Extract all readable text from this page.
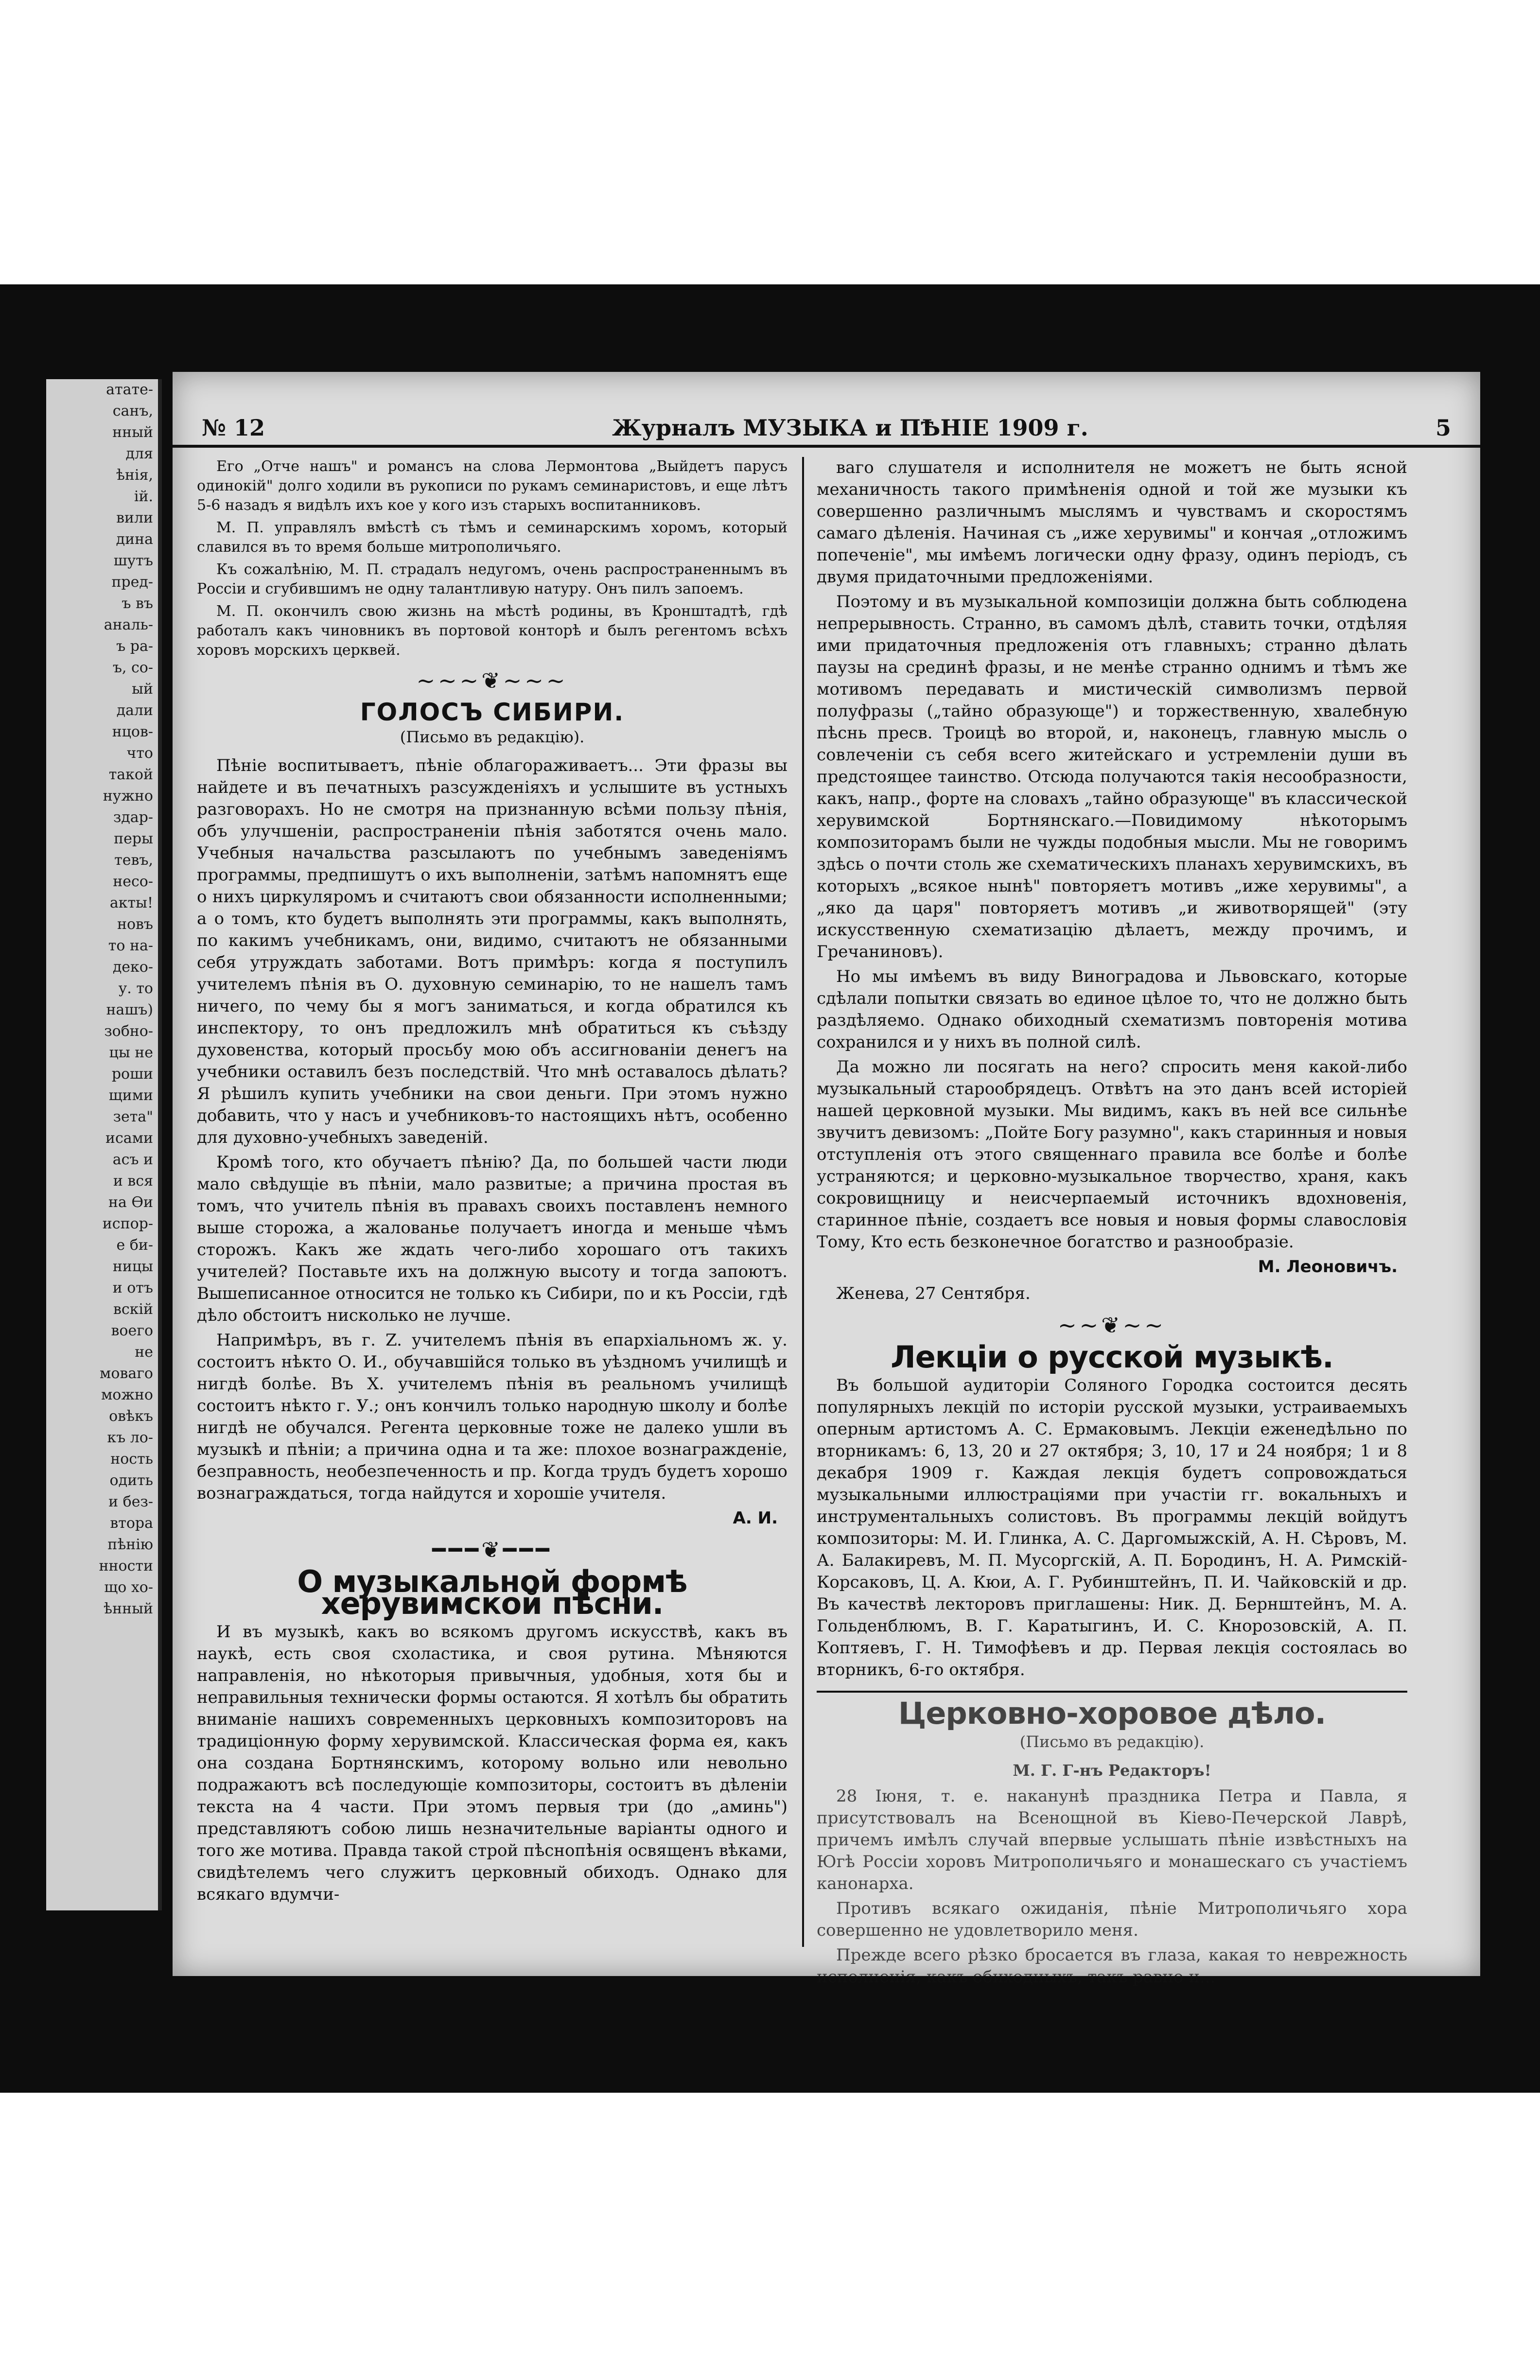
атате-
санъ,
нный
для
ѣнія,
ій.
вили
дина
шутъ
пред-
ъ въ
аналь-
ъ ра-
ъ, со-
ый
дали
нцов-
что
такой
нужно
здар-
перы
тевъ,
несо-
акты!
новъ
то на-
деко-
у. то
нашъ)
зобно-
цы не
роши
щими
зета"
исами
асъ и
и вся
на Ѳи
испор-
е би-
ницы
и отъ
вскій
воего
не
моваго
можно
овѣкъ
къ ло-
ность
одить
и без-
втора
пѣнію
нности
що хо-
ѣнный
№ 12	Журналъ МУЗЫКА и ПѢНІЕ 1909 г.	5

Его „Отче нашъ" и романсъ на слова Лермонтова „Выйдетъ парусъ одинокій" долго ходили въ рукописи по рукамъ семинаристовъ, и еще лѣтъ 5-6 назадъ я видѣлъ ихъ кое у кого изъ старыхъ воспитанниковъ.

М. П. управлялъ вмѣстѣ съ тѣмъ и семинарскимъ хоромъ, который славился въ то время больше митрополичьяго.

Къ сожалѣнію, М. П. страдалъ недугомъ, очень распространеннымъ въ Россіи и сгубившимъ не одну талантливую натуру. Онъ пилъ запоемъ.

М. П. окончилъ свою жизнь на мѣстѣ родины, въ Кронштадтѣ, гдѣ работалъ какъ чиновникъ въ портовой конторѣ и былъ регентомъ всѣхъ хоровъ морскихъ церквей.

~~~❦~~~
ГОЛОСЪ СИБИРИ.
(Письмо въ редакцію).

Пѣніе воспитываетъ, пѣніе облагораживаетъ... Эти фразы вы найдете и въ печатныхъ разсужденіяхъ и услышите въ устныхъ разговорахъ. Но не смотря на признанную всѣми пользу пѣнія, объ улучшеніи, распространеніи пѣнія заботятся очень мало. Учебныя начальства разсылаютъ по учебнымъ заведеніямъ программы, предпишутъ о ихъ выполненіи, затѣмъ напомнятъ еще о нихъ циркуляромъ и считаютъ свои обязанности исполненными; а о томъ, кто будетъ выполнять эти программы, какъ выполнять, по какимъ учебникамъ, они, видимо, считаютъ не обязанными себя утруждать заботами. Вотъ примѣръ: когда я поступилъ учителемъ пѣнія въ О. духовную семинарію, то не нашелъ тамъ ничего, по чему бы я могъ заниматься, и когда обратился къ инспектору, то онъ предложилъ мнѣ обратиться къ съѣзду духовенства, который просьбу мою объ ассигнованіи денегъ на учебники оставилъ безъ последствій. Что мнѣ оставалось дѣлать? Я рѣшилъ купить учебники на свои деньги. При этомъ нужно добавить, что у насъ и учебниковъ-то настоящихъ нѣтъ, особенно для духовно-учебныхъ заведеній.

Кромѣ того, кто обучаетъ пѣнію? Да, по большей части люди мало свѣдущіе въ пѣніи, мало развитые; а причина простая въ томъ, что учитель пѣнія въ правахъ своихъ поставленъ немного выше сторожа, а жалованье получаетъ иногда и меньше чѣмъ сторожъ. Какъ же ждать чего-либо хорошаго отъ такихъ учителей? Поставьте ихъ на должную высоту и тогда запоютъ. Вышеписанное относится не только къ Сибири, по и къ Россіи, гдѣ дѣло обстоитъ нисколько не лучше.

Напримѣръ, въ г. Z. учителемъ пѣнія въ епархіальномъ ж. у. состоитъ нѣкто О. И., обучавшійся только въ уѣздномъ училищѣ и нигдѣ болѣе. Въ Х. учителемъ пѣнія въ реальномъ училищѣ состоитъ нѣкто г. У.; онъ кончилъ только народную школу и болѣе нигдѣ не обучался. Регента церковные тоже не далеко ушли въ музыкѣ и пѣніи; а причина одна и та же: плохое вознагражденіе, безправность, необезпеченность и пр. Когда трудъ будетъ хорошо вознаграждаться, тогда найдутся и хорошіе учителя.

А. И.
━━━❦━━━
О музыкальной формѣ херувимской пѣсни.

И въ музыкѣ, какъ во всякомъ другомъ искусствѣ, какъ въ наукѣ, есть своя схоластика, и своя рутина. Мѣняются направленія, но нѣкоторыя привычныя, удобныя, хотя бы и неправильныя технически формы остаются. Я хотѣлъ бы обратить вниманіе нашихъ современныхъ церковныхъ композиторовъ на традиціонную форму херувимской. Классическая форма ея, какъ она создана Бортнянскимъ, которому вольно или невольно подражаютъ всѣ последующіе композиторы, состоитъ въ дѣленіи текста на 4 части. При этомъ первыя три (до „аминь") представляютъ собою лишь незначительные варіанты одного и того же мотива. Правда такой строй пѣснопѣнія освященъ вѣками, свидѣтелемъ чего служитъ церковный обиходъ. Однако для всякаго вдумчи-

ваго слушателя и исполнителя не можетъ не быть ясной механичность такого примѣненія одной и той же музыки къ совершенно различнымъ мыслямъ и чувствамъ и скоростямъ самаго дѣленія. Начиная съ „иже херувимы" и кончая „отложимъ попеченіе", мы имѣемъ логически одну фразу, одинъ періодъ, съ двумя придаточными предложеніями.

Поэтому и въ музыкальной композиціи должна быть соблюдена непрерывность. Странно, въ самомъ дѣлѣ, ставить точки, отдѣляя ими придаточныя предложенія отъ главныхъ; странно дѣлать паузы на срединѣ фразы, и не менѣе странно однимъ и тѣмъ же мотивомъ передавать и мистическій символизмъ первой полуфразы („тайно образующе") и торжественную, хвалебную пѣснь пресв. Троицѣ во второй, и, наконецъ, главную мысль о совлеченіи съ себя всего житейскаго и устремленіи души въ предстоящее таинство. Отсюда получаются такія несообразности, какъ, напр., форте на словахъ „тайно образующе" въ классической херувимской Бортнянскаго.—Повидимому нѣкоторымъ композиторамъ были не чужды подобныя мысли. Мы не говоримъ здѣсь о почти столь же схематическихъ планахъ херувимскихъ, въ которыхъ „всякое нынѣ" повторяетъ мотивъ „иже херувимы", а „яко да царя" повторяетъ мотивъ „и животворящей" (эту искусственную схематизацію дѣлаетъ, между прочимъ, и Гречаниновъ).

Но мы имѣемъ въ виду Виноградова и Львовскаго, которые сдѣлали попытки связать во единое цѣлое то, что не должно быть раздѣляемо. Однако обиходный схематизмъ повторенія мотива сохранился и у нихъ въ полной силѣ.

Да можно ли посягать на него? спросить меня какой-либо музыкальный старообрядецъ. Отвѣтъ на это данъ всей исторіей нашей церковной музыки. Мы видимъ, какъ въ ней все сильнѣе звучитъ девизомъ: „Пойте Богу разумно", какъ старинныя и новыя отступленія отъ этого священнаго правила все болѣе и болѣе устраняются; и церковно-музыкальное творчество, храня, какъ сокровищницу и неисчерпаемый источникъ вдохновенія, старинное пѣніе, создаетъ все новыя и новыя формы славословія Тому, Кто есть безконечное богатство и разнообразіе.

М. Леоновичъ.

Женева, 27 Сентября.

~~❦~~
Лекціи о русской музыкѣ.

Въ большой аудиторіи Соляного Городка состоится десять популярныхъ лекцій по исторіи русской музыки, устраиваемыхъ оперным артистомъ А. С. Ермаковымъ. Лекціи еженедѣльно по вторникамъ: 6, 13, 20 и 27 октября; 3, 10, 17 и 24 ноября; 1 и 8 декабря 1909 г. Каждая лекція будетъ сопровождаться музыкальными иллюстраціями при участіи гг. вокальныхъ и инструментальныхъ солистовъ. Въ программы лекцій войдутъ композиторы: М. И. Глинка, А. С. Даргомыжскій, А. Н. Сѣровъ, М. А. Балакиревъ, М. П. Мусоргскій, А. П. Бородинъ, Н. А. Римскій-Корсаковъ, Ц. А. Кюи, А. Г. Рубинштейнъ, П. И. Чайковскій и др. Въ качествѣ лекторовъ приглашены: Ник. Д. Бернштейнъ, М. А. Гольденблюмъ, В. Г. Каратыгинъ, И. С. Кнорозовскій, А. П. Коптяевъ, Г. Н. Тимофѣевъ и др. Первая лекція состоялась во вторникъ, 6-го октября.

Церковно-хоровое дѣло.
(Письмо въ редакцію).
М. Г. Г-нъ Редакторъ!

28 Іюня, т. е. наканунѣ праздника Петра и Павла, я присутствовалъ на Всенощной въ Кіево-Печерской Лаврѣ, причемъ имѣлъ случай впервые услышать пѣніе извѣстныхъ на Югѣ Россіи хоровъ Митрополичьяго и монашескаго съ участіемъ канонарха.

Противъ всякаго ожиданія, пѣніе Митрополичьяго хора совершенно не удовлетворило меня.

Прежде всего рѣзко бросается въ глаза, какая то неврежность исполненія, какъ обиходныхъ, такъ равно и...
